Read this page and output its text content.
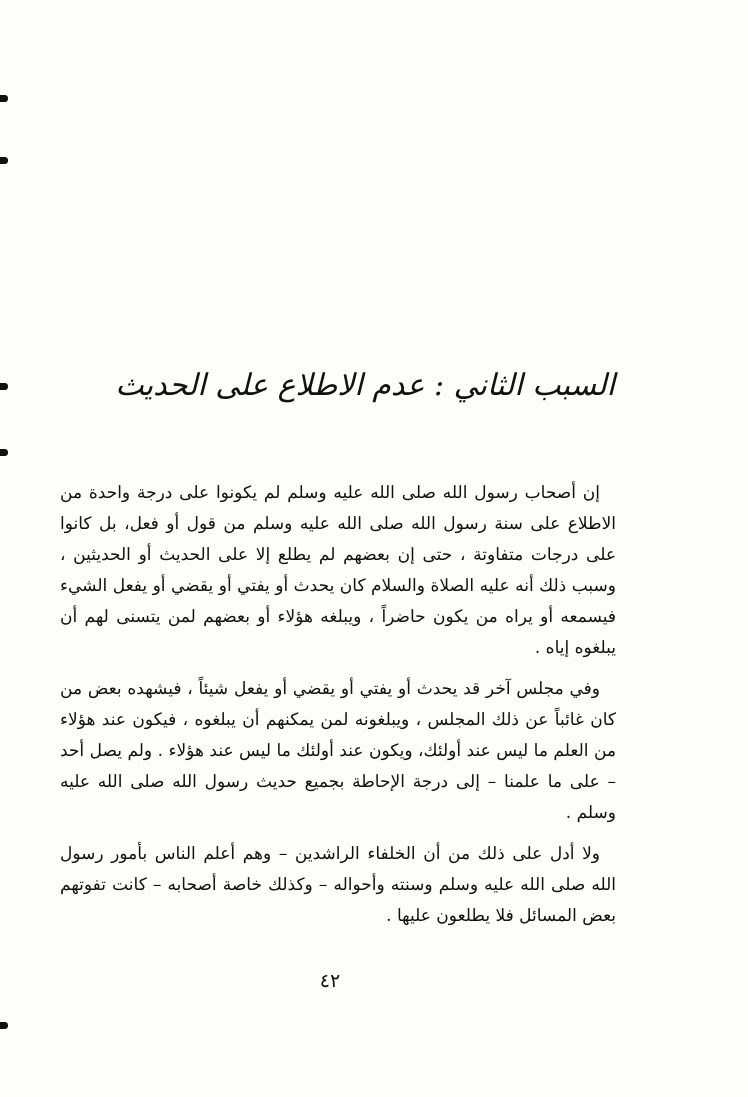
السبب الثاني : عدم الاطلاع على الحديث

إن أصحاب رسول الله صلى الله عليه وسلم لم يكونوا على درجة واحدة من الاطلاع على سنة رسول الله صلى الله عليه وسلم من قول أو فعل، بل كانوا على درجات متفاوتة ، حتى إن بعضهم لم يطلع إلا على الحديث أو الحديثين ، وسبب ذلك أنه عليه الصلاة والسلام كان يحدث أو يفتي أو يقضي أو يفعل الشيء فيسمعه أو يراه من يكون حاضراً ، ويبلغه هؤلاء أو بعضهم لمن يتسنى لهم أن يبلغوه إياه .

وفي مجلس آخر قد يحدث أو يفتي أو يقضي أو يفعل شيئاً ، فيشهده بعض من كان غائباً عن ذلك المجلس ، ويبلغونه لمن يمكنهم أن يبلغوه ، فيكون عند هؤلاء من العلم ما ليس عند أولئك، ويكون عند أولئك ما ليس عند هؤلاء . ولم يصل أحد – على ما علمنا – إلى درجة الإحاطة بجميع حديث رسول الله صلى الله عليه وسلم .

ولا أدل على ذلك من أن الخلفاء الراشدين – وهم أعلم الناس بأمور رسول الله صلى الله عليه وسلم وسنته وأحواله – وكذلك خاصة أصحابه – كانت تفوتهم بعض المسائل فلا يطلعون عليها .

٤٢
